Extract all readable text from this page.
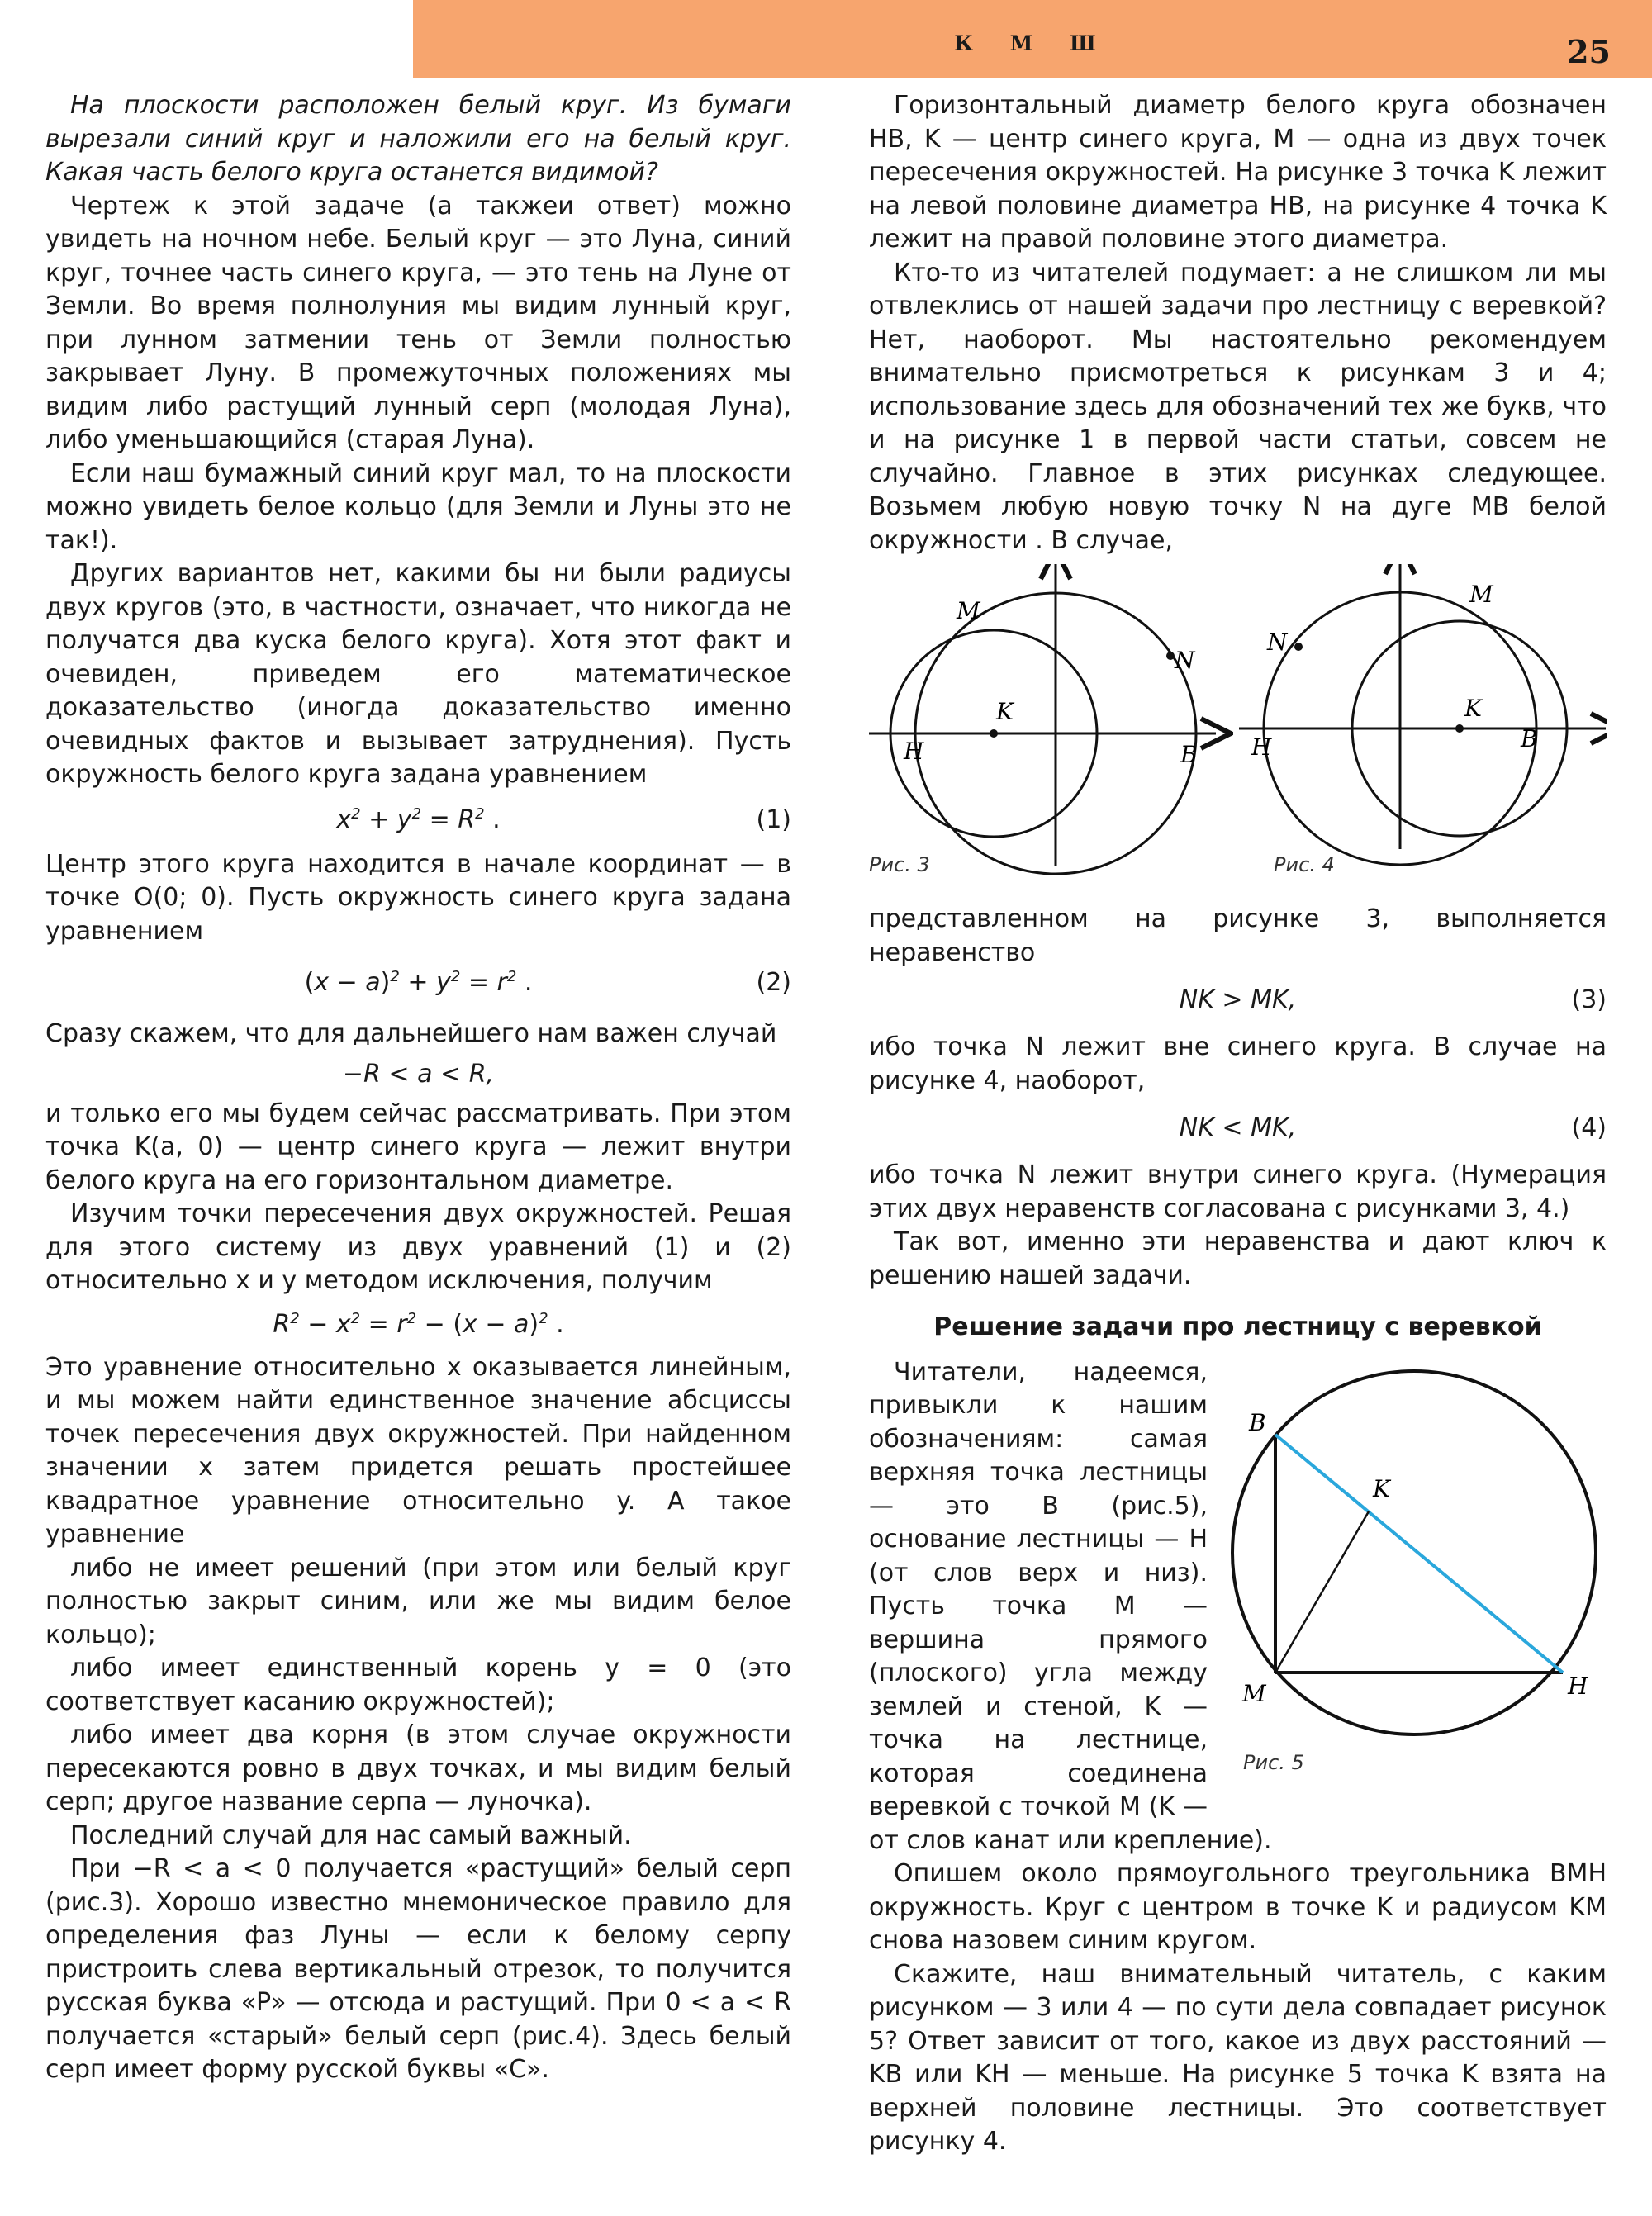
К М Ш	25

На плоскости расположен белый круг. Из бумаги вырезали синий круг и наложили его на белый круг. Какая часть белого круга останется видимой?

Чертеж к этой задаче (а такжеи ответ) можно увидеть на ночном небе. Белый круг — это Луна, синий круг, точнее часть синего круга, — это тень на Луне от Земли. Во время полнолуния мы видим лунный круг, при лунном затмении тень от Земли полностью закрывает Луну. В промежуточных положениях мы видим либо растущий лунный серп (молодая Луна), либо уменьшающийся (старая Луна).

Если наш бумажный синий круг мал, то на плоскости можно увидеть белое кольцо (для Земли и Луны это не так!).

Других вариантов нет, какими бы ни были радиусы двух кругов (это, в частности, означает, что никогда не получатся два куска белого круга). Хотя этот факт и очевиден, приведем его математическое доказательство (иногда доказательство именно очевидных фактов и вызывает затруднения). Пусть окружность белого круга задана уравнением

$x^2 + y^2 = R^2$ .	(1)

Центр этого круга находится в начале координат — в точке O(0; 0). Пусть окружность синего круга задана уравнением

$(x - a)^2 + y^2 = r^2$ .	(2)

Сразу скажем, что для дальнейшего нам важен случай

−R < a < R,

и только его мы будем сейчас рассматривать. При этом точка K(a, 0) — центр синего круга — лежит внутри белого круга на его горизонтальном диаметре.

Изучим точки пересечения двух окружностей. Решая для этого систему из двух уравнений (1) и (2) относительно x и y методом исключения, получим

$R^2 - x^2 = r^2 - (x - a)^2$ .

Это уравнение относительно x оказывается линейным, и мы можем найти единственное значение абсциссы точек пересечения двух окружностей. При найденном значении x затем придется решать простейшее квадратное уравнение относительно y. А такое уравнение

либо не имеет решений (при этом или белый круг полностью закрыт синим, или же мы видим белое кольцо);

либо имеет единственный корень y = 0 (это соответствует касанию окружностей);

либо имеет два корня (в этом случае окружности пересекаются ровно в двух точках, и мы видим белый серп; другое название серпа — луночка).

Последний случай для нас самый важный.

При −R < a < 0 получается «растущий» белый серп (рис.3). Хорошо известно мнемоническое правило для определения фаз Луны — если к белому серпу пристроить слева вертикальный отрезок, то получится русская буква «Р» — отсюда и растущий. При 0 < a < R получается «старый» белый серп (рис.4). Здесь белый серп имеет форму русской буквы «С».

Горизонтальный диаметр белого круга обозначен HB, K — центр синего круга, M — одна из двух точек пересечения окружностей. На рисунке 3 точка K лежит на левой половине диаметра HB, на рисунке 4 точка K лежит на правой половине этого диаметра.

Кто-то из читателей подумает: а не слишком ли мы отвлеклись от нашей задачи про лестницу с веревкой? Нет, наоборот. Мы настоятельно рекомендуем внимательно присмотреться к рисункам 3 и 4; использование здесь для обозначений тех же букв, что и на рисунке 1 в первой части статьи, совсем не случайно. Главное в этих рисунках следующее. Возьмем любую новую точку N на дуге MB белой окружности . В случае,

M
N
K
H	B
Рис. 3
M
N
K
H	B
Рис. 4

представленном на рисунке 3, выполняется неравенство

NK > MK,	(3)

ибо точка N лежит вне синего круга. В случае на рисунке 4, наоборот,

NK < MK,	(4)

ибо точка N лежит внутри синего круга. (Нумерация этих двух неравенств согласована с рисунками 3, 4.)

Так вот, именно эти неравенства и дают ключ к решению нашей задачи.

Решение задачи про лестницу с веревкой
B
K
M	H
Рис. 5

Читатели, надеемся, привыкли к нашим обозначениям: самая верхняя точка лестницы — это B (рис.5), основание лестницы — H (от слов верх и низ). Пусть точка M — вершина прямого (плоского) угла между землей и стеной, K — точка на лестнице, которая соединена веревкой с точкой M (K — от слов канат или крепление).

Опишем около прямоугольного треугольника BMH окружность. Круг с центром в точке K и радиусом KM снова назовем синим кругом.

Скажите, наш внимательный читатель, с каким рисунком — 3 или 4 — по сути дела совпадает рисунок 5? Ответ зависит от того, какое из двух расстояний — KB или KH — меньше. На рисунке 5 точка K взята на верхней половине лестницы. Это соответствует рисунку 4.
